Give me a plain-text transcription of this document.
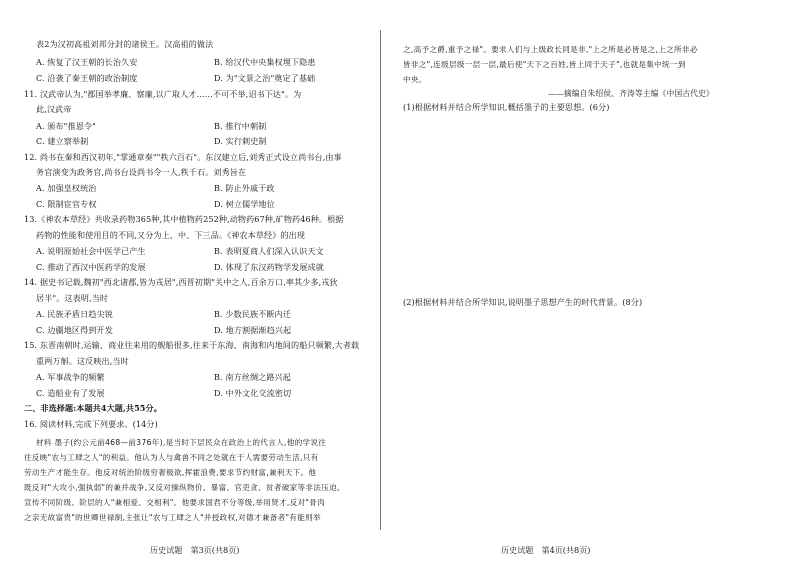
表2为汉初高祖刘邦分封的诸侯王。汉高祖的做法
A. 恢复了汉王朝的长治久安	B. 给汉代中央集权埋下隐患
C. 沿袭了秦王朝的政治制度	D. 为"文景之治"奠定了基础
11. 汉武帝认为,"郡国举孝廉、察廉,以广取人才……不可不举,诏书下达"。为
此,汉武帝
A. 颁布"推恩令"	B. 推行中朝制
C. 建立察举制	D. 实行刺史制
12. 尚书在秦和西汉初年,"掌通章奏""秩六百石"。东汉建立后,刘秀正式设立尚书台,由事
务官演变为政务官,尚书台设尚书令一人,秩千石。刘秀旨在
A. 加强皇权统治	B. 防止外戚干政
C. 限制宦官专权	D. 树立儒学地位
13.《神农本草经》共收录药物365种,其中植物药252种,动物药67种,矿物药46种。根据
药物的性能和使用目的不同,又分为上、中、下三品。《神农本草经》的出现
A. 说明原始社会中医学已产生	B. 表明夏商人们深入认识天文
C. 推动了西汉中医药学的发展	D. 体现了东汉药物学发展成就
14. 据史书记载,魏初"西北诸郡,皆为戎居",西晋初期"关中之人,百余万口,率其少多,戎狄
居半"。这表明,当时
A. 民族矛盾日趋尖锐	B. 少数民族不断内迁
C. 边疆地区得到开发	D. 地方割据渐趋兴起
15. 东晋南朝时,运输、商业往来用的舰船很多,往来于东海、南海和内地间的船只频繁,大者载
重两万斛。这反映出,当时
A. 军事战争的频繁	B. 南方丝绸之路兴起
C. 造船业有了发展	D. 中外文化交流密切
二、非选择题:本题共4大题,共55分。
16. 阅读材料,完成下列要求。(14分)
材料 墨子(约公元前468—前376年),是当时下层民众在政治上的代言人,他的学说往
往反映"农与工肆之人"的利益。他认为人与禽兽不同之处就在于人需要劳动生活,只有
劳动生产才能生存。他反对统治阶级穷奢极欲,挥霍浪费,要求节约财富,兼利天下。他
既反对"大攻小,强执弱"的兼并战争,又反对操纵物价、暴富、官吏贪、贫者破家等非法压迫,
宣传不同阶级、阶层的人"兼相爱、交相利"。他要求国君不分等级,举用贤才,反对"骨肉
之亲无故富贵"的世卿世禄制,主张让"农与工肆之人"并授政权,对德才兼备者"有能则举
历史试题　第3页(共8页)
之,高予之爵,重予之禄"。要求人们与上级政长同是非,"上之所是必皆是之,上之所非必
皆非之",连级层级一层一层,最后使"天下之百姓,皆上同于天子",也就是集中统一到
中央。
——摘编自朱绍侯、齐涛等主编《中国古代史》
(1)根据材料并结合所学知识,概括墨子的主要思想。(6分)
(2)根据材料并结合所学知识,说明墨子思想产生的时代背景。(8分)
历史试题　第4页(共8页)
